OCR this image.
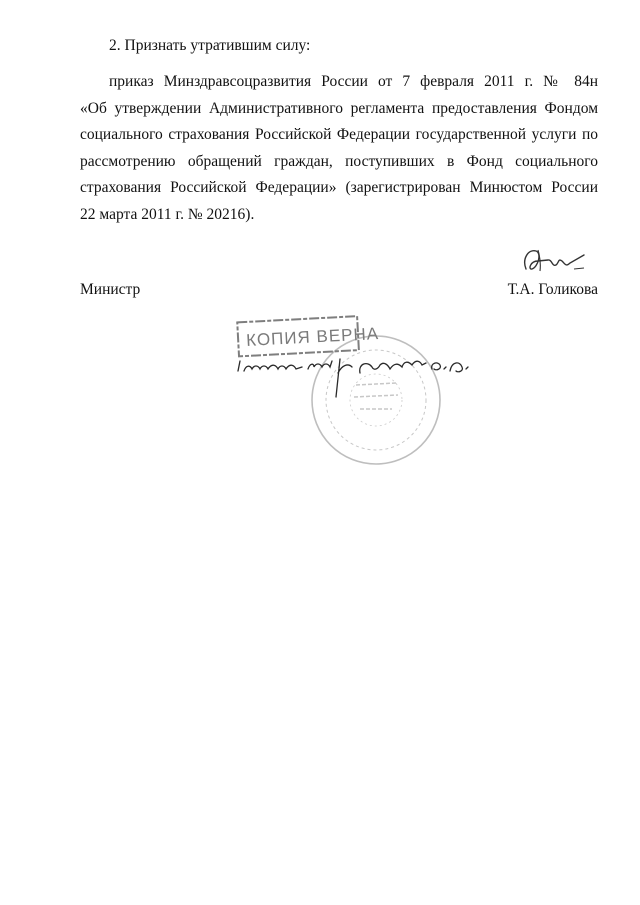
2. Признать утратившим силу:
приказ Минздравсоцразвития России от 7 февраля 2011 г. № 84н
«Об утверждении Административного регламента предоставления Фондом
социального страхования Российской Федерации государственной услуги по
рассмотрению обращений граждан, поступивших в Фонд социального
страхования Российской Федерации» (зарегистрирован Минюстом России
22 марта 2011 г. № 20216).
Министр	Т.А. Голикова
КОПИЯ ВЕРНА
